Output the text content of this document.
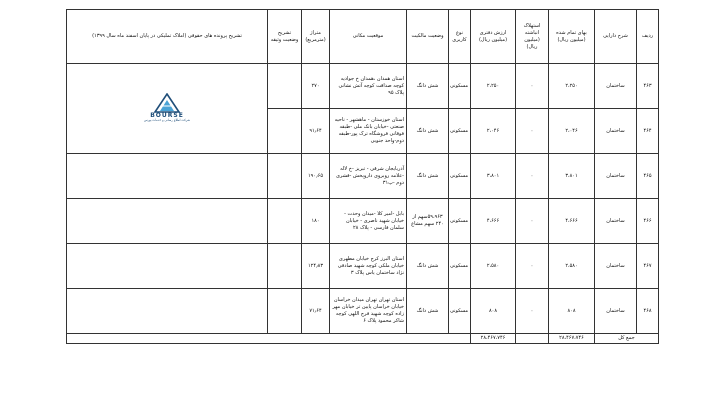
ردیف	شرح دارایی	بهای تمام شده (میلیون ریال)	استهلاک انباشته (میلیون ریال)	ارزش دفتری (میلیون ریال)	نوع کاربری	وضعیت مالکیت	موقعیت مکانی	متراژ (مترمربع)	تشریح وضعیت وثیقه	تشریح پرونده های حقوقی (املاک تملیکی در پایان اسفند ماه سال ۱۳۹۹)
۴۶۳	ساختمان	۲،۲۵۰	۰	۲،۲۵۰	مسکونی	شش دانگ	استان همدان ،همدان خ جوادیه کوچه صداقت کوچه آتش نشانی پلاک ۹۵	۲۷۰		BOURSE
شرکت اطلاع رسانی و خدمات بورس

۴۶۴	ساختمان	۲،۰۴۶	۰	۲،۰۴۶	مسکونی	شش دانگ	استان خوزستان - ماهشهر - ناحیه صنعتی -خیابان بانک ملی -طبقه فوقانی فروشگاه ترک پور-طبقه دوم-واحد جنوبی	۹۱٫۶۴		
۴۶۵	ساختمان	۳،۸۰۱	۰	۳،۸۰۱	مسکونی	شش دانگ	آذربایجان شرقی - تبریز -خ لاله -علامه روبروی داروپخش -فشری دوم -پ۳۱	۱۹۰٫۶۵		
۴۶۶	ساختمان	۴،۶۶۶	۰	۴،۶۶۶	مسکونی	۵۹،۹۶۳سهم از ۲۴۰ سهم مشاع	بابل -امیر کلا -میدان وحدت - خیابان شهید ناصری - خیابان سلمان فارسی - پلاک ۲۸	۱۸۰		
۴۶۷	ساختمان	۲،۵۸۰	۰	۲،۵۸۰	مسکونی	شش دانگ	استان البرز کرج خیابان مطهری خیابان ملکی کوچه شهید صادقی نژاد ساختمان یاس پلاک ۳	۱۲۴٫۸۳		
۴۶۸	ساختمان	۸۰۸	۰	۸۰۸	مسکونی	شش دانگ	استان تهران تهران میدان خراسان خیابان خراسان پایین تر خیابان مهر زاده کوچه شهید فرج اللهی کوچه شاکر محمود پلاک ۶	۷۱٫۶۴		
جمع کل		۲۸،۴۶۷،۷۴۶		۲۸،۴۶۷،۷۴۶						
